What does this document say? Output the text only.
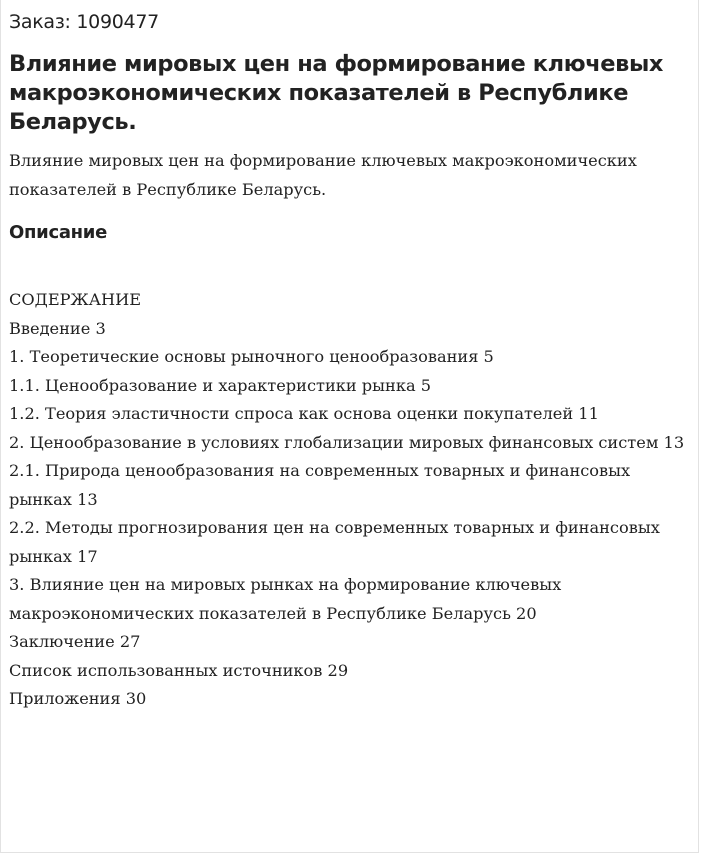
Заказ: 1090477
Влияние мировых цен на формирование ключевых макроэкономических показателей в Республике Беларусь.

Влияние мировых цен на формирование ключевых макроэкономических показателей в Республике Беларусь.

Описание
СОДЕРЖАНИЕ
Введение 3
1. Теоретические основы рыночного ценообразования 5
1.1. Ценообразование и характеристики рынка 5
1.2. Теория эластичности спроса как основа оценки покупателей 11
2. Ценообразование в условиях глобализации мировых финансовых систем 13
2.1. Природа ценообразования на современных товарных и финансовых рынках 13
2.2. Методы прогнозирования цен на современных товарных и финансовых рынках 17
3. Влияние цен на мировых рынках на формирование ключевых макроэкономических показателей в Республике Беларусь 20
Заключение 27
Список использованных источников 29
Приложения 30
